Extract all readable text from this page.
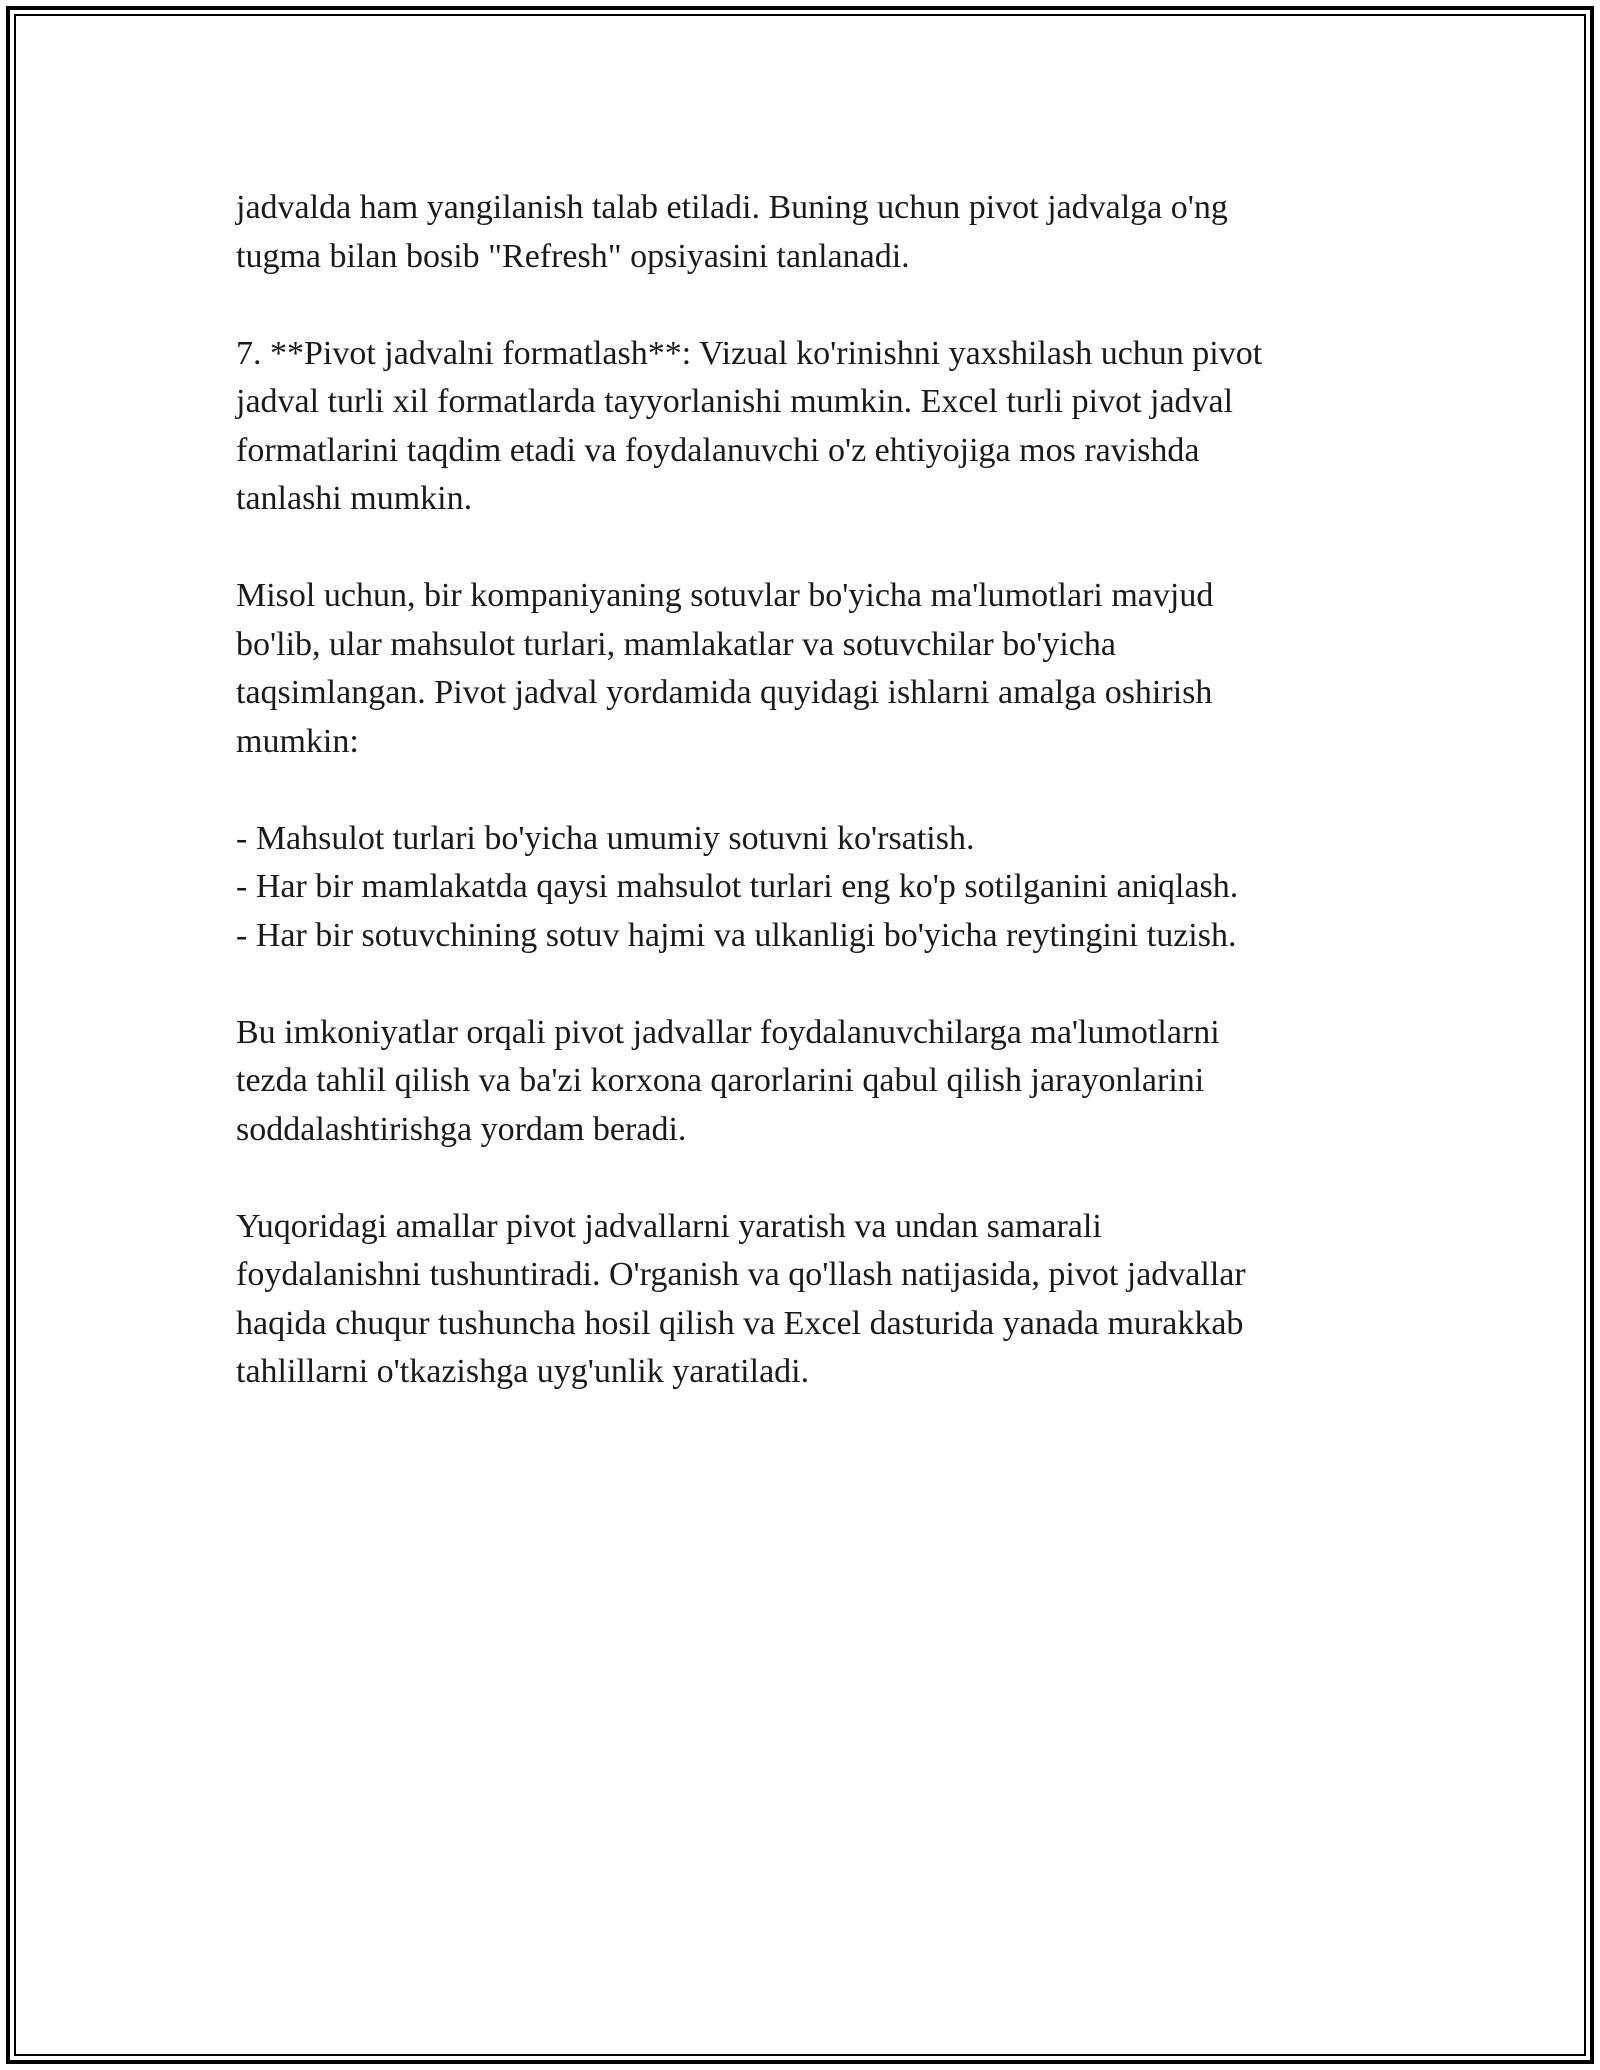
jadvalda ham yangilanish talab etiladi. Buning uchun pivot jadvalga o'ng
tugma bilan bosib "Refresh" opsiyasini tanlanadi.

7. **Pivot jadvalni formatlash**: Vizual ko'rinishni yaxshilash uchun pivot
jadval turli xil formatlarda tayyorlanishi mumkin. Excel turli pivot jadval
formatlarini taqdim etadi va foydalanuvchi o'z ehtiyojiga mos ravishda
tanlashi mumkin.

Misol uchun, bir kompaniyaning sotuvlar bo'yicha ma'lumotlari mavjud
bo'lib, ular mahsulot turlari, mamlakatlar va sotuvchilar bo'yicha
taqsimlangan. Pivot jadval yordamida quyidagi ishlarni amalga oshirish
mumkin:

- Mahsulot turlari bo'yicha umumiy sotuvni ko'rsatish.
- Har bir mamlakatda qaysi mahsulot turlari eng ko'p sotilganini aniqlash.
- Har bir sotuvchining sotuv hajmi va ulkanligi bo'yicha reytingini tuzish.

Bu imkoniyatlar orqali pivot jadvallar foydalanuvchilarga ma'lumotlarni
tezda tahlil qilish va ba'zi korxona qarorlarini qabul qilish jarayonlarini
soddalashtirishga yordam beradi.

Yuqoridagi amallar pivot jadvallarni yaratish va undan samarali
foydalanishni tushuntiradi. O'rganish va qo'llash natijasida, pivot jadvallar
haqida chuqur tushuncha hosil qilish va Excel dasturida yanada murakkab
tahlillarni o'tkazishga uyg'unlik yaratiladi.
